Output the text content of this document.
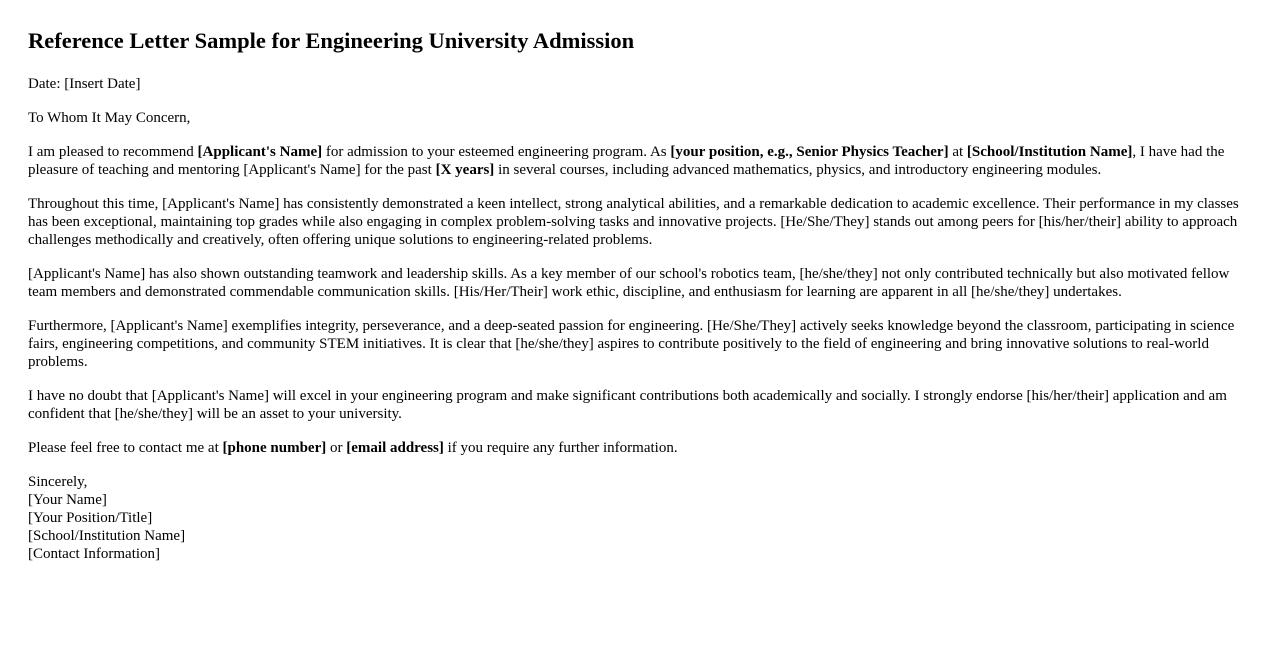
Reference Letter Sample for Engineering University Admission

Date: [Insert Date]

To Whom It May Concern,

I am pleased to recommend [Applicant's Name] for admission to your esteemed engineering program. As [your position, e.g., Senior Physics Teacher] at [School/Institution Name], I have had the pleasure of teaching and mentoring [Applicant's Name] for the past [X years] in several courses, including advanced mathematics, physics, and introductory engineering modules.

Throughout this time, [Applicant's Name] has consistently demonstrated a keen intellect, strong analytical abilities, and a remarkable dedication to academic excellence. Their performance in my classes has been exceptional, maintaining top grades while also engaging in complex problem-solving tasks and innovative projects. [He/She/They] stands out among peers for [his/her/their] ability to approach challenges methodically and creatively, often offering unique solutions to engineering-related problems.

[Applicant's Name] has also shown outstanding teamwork and leadership skills. As a key member of our school's robotics team, [he/she/they] not only contributed technically but also motivated fellow team members and demonstrated commendable communication skills. [His/Her/Their] work ethic, discipline, and enthusiasm for learning are apparent in all [he/she/they] undertakes.

Furthermore, [Applicant's Name] exemplifies integrity, perseverance, and a deep-seated passion for engineering. [He/She/They] actively seeks knowledge beyond the classroom, participating in science fairs, engineering competitions, and community STEM initiatives. It is clear that [he/she/they] aspires to contribute positively to the field of engineering and bring innovative solutions to real-world problems.

I have no doubt that [Applicant's Name] will excel in your engineering program and make significant contributions both academically and socially. I strongly endorse [his/her/their] application and am confident that [he/she/they] will be an asset to your university.

Please feel free to contact me at [phone number] or [email address] if you require any further information.

Sincerely,
[Your Name]
[Your Position/Title]
[School/Institution Name]
[Contact Information]
